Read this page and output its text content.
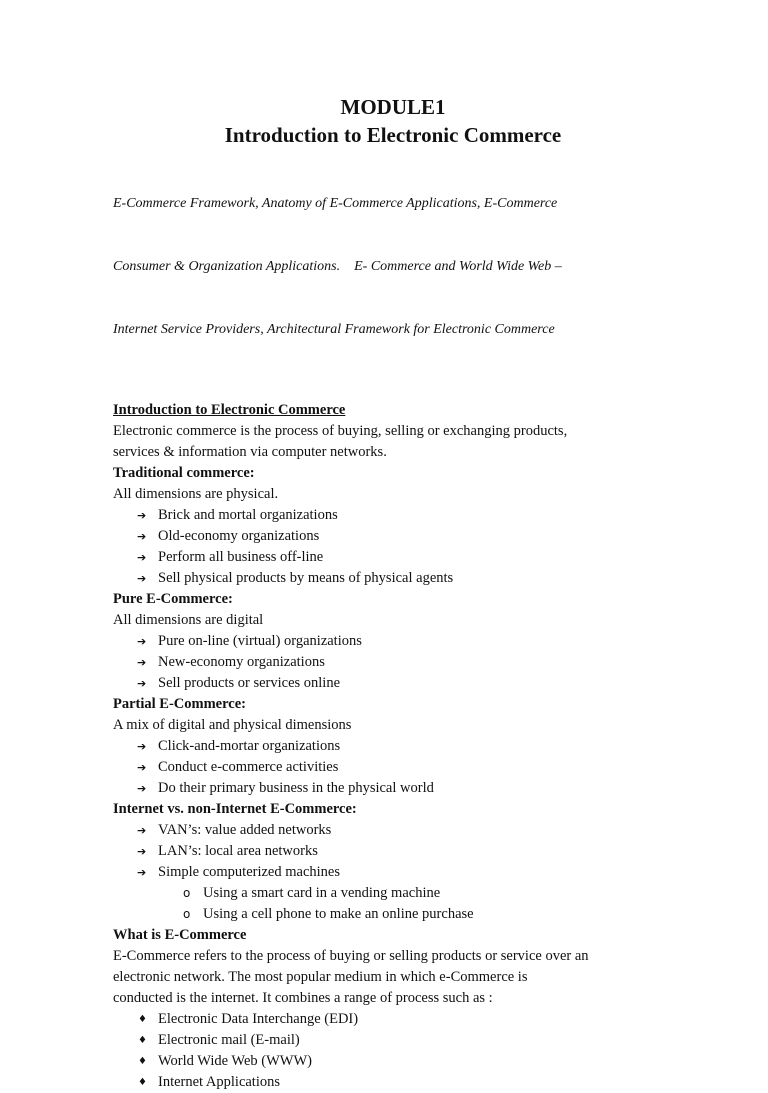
MODULE1

Introduction to Electronic Commerce

E-Commerce Framework, Anatomy of E-Commerce Applications, E-Commerce

Consumer & Organization Applications.    E- Commerce and World Wide Web –

Internet Service Providers, Architectural Framework for Electronic Commerce

Introduction to Electronic Commerce

Electronic commerce is the process of buying, selling or exchanging products,

services & information via computer networks.

Traditional commerce:

All dimensions are physical.

➔ Brick and mortal organizations
➔ Old-economy organizations
➔ Perform all business off-line
➔ Sell physical products by means of physical agents

Pure E-Commerce:

All dimensions are digital

➔ Pure on-line (virtual) organizations
➔ New-economy organizations
➔ Sell products or services online

Partial E-Commerce:

A mix of digital and physical dimensions

➔ Click-and-mortar organizations
➔ Conduct e-commerce activities
➔ Do their primary business in the physical world

Internet vs. non-Internet E-Commerce:

➔ VAN’s: value added networks
➔ LAN’s: local area networks
➔ Simple computerized machines
o Using a smart card in a vending machine
o Using a cell phone to make an online purchase

What is E-Commerce

E-Commerce refers to the process of buying or selling products or service over an

electronic network. The most popular medium in which e-Commerce is

conducted is the internet. It combines a range of process such as :

♦ Electronic Data Interchange (EDI)
♦ Electronic mail (E-mail)
♦ World Wide Web (WWW)
♦ Internet Applications
